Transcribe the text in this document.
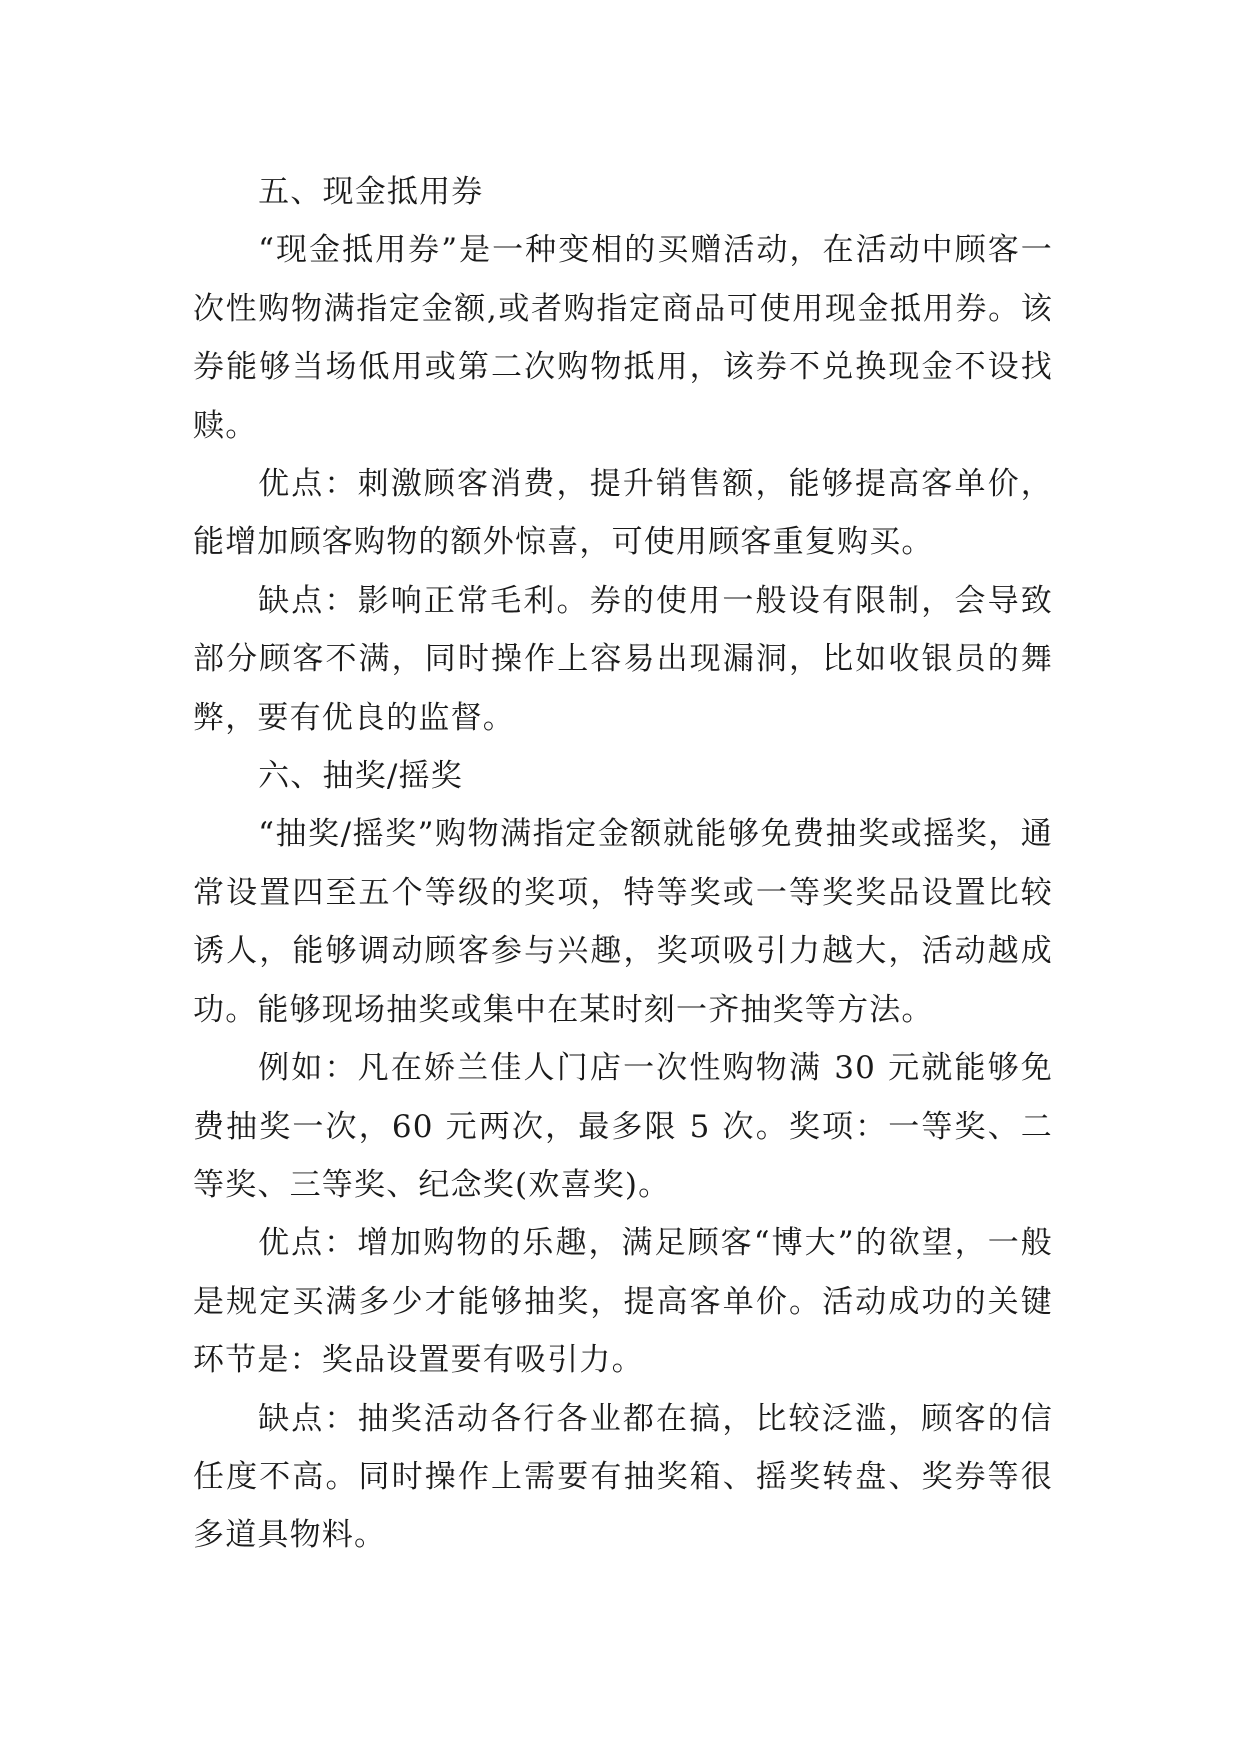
五、现金抵用券

“现金抵用券”是一种变相的买赠活动，在活动中顾客一次性购物满指定金额,或者购指定商品可使用现金抵用券。该券能够当场低用或第二次购物抵用，该券不兑换现金不设找赎。

优点：刺激顾客消费，提升销售额，能够提高客单价，能增加顾客购物的额外惊喜，可使用顾客重复购买。

缺点：影响正常毛利。券的使用一般设有限制，会导致部分顾客不满，同时操作上容易出现漏洞，比如收银员的舞弊，要有优良的监督。

六、抽奖/摇奖

“抽奖/摇奖”购物满指定金额就能够免费抽奖或摇奖，通常设置四至五个等级的奖项，特等奖或一等奖奖品设置比较诱人，能够调动顾客参与兴趣，奖项吸引力越大，活动越成功。能够现场抽奖或集中在某时刻一齐抽奖等方法。

例如：凡在娇兰佳人门店一次性购物满 30 元就能够免费抽奖一次，60 元两次，最多限 5 次。奖项：一等奖、二等奖、三等奖、纪念奖(欢喜奖)。

优点：增加购物的乐趣，满足顾客“博大”的欲望，一般是规定买满多少才能够抽奖，提高客单价。活动成功的关键环节是：奖品设置要有吸引力。

缺点：抽奖活动各行各业都在搞，比较泛滥，顾客的信任度不高。同时操作上需要有抽奖箱、摇奖转盘、奖券等很多道具物料。
